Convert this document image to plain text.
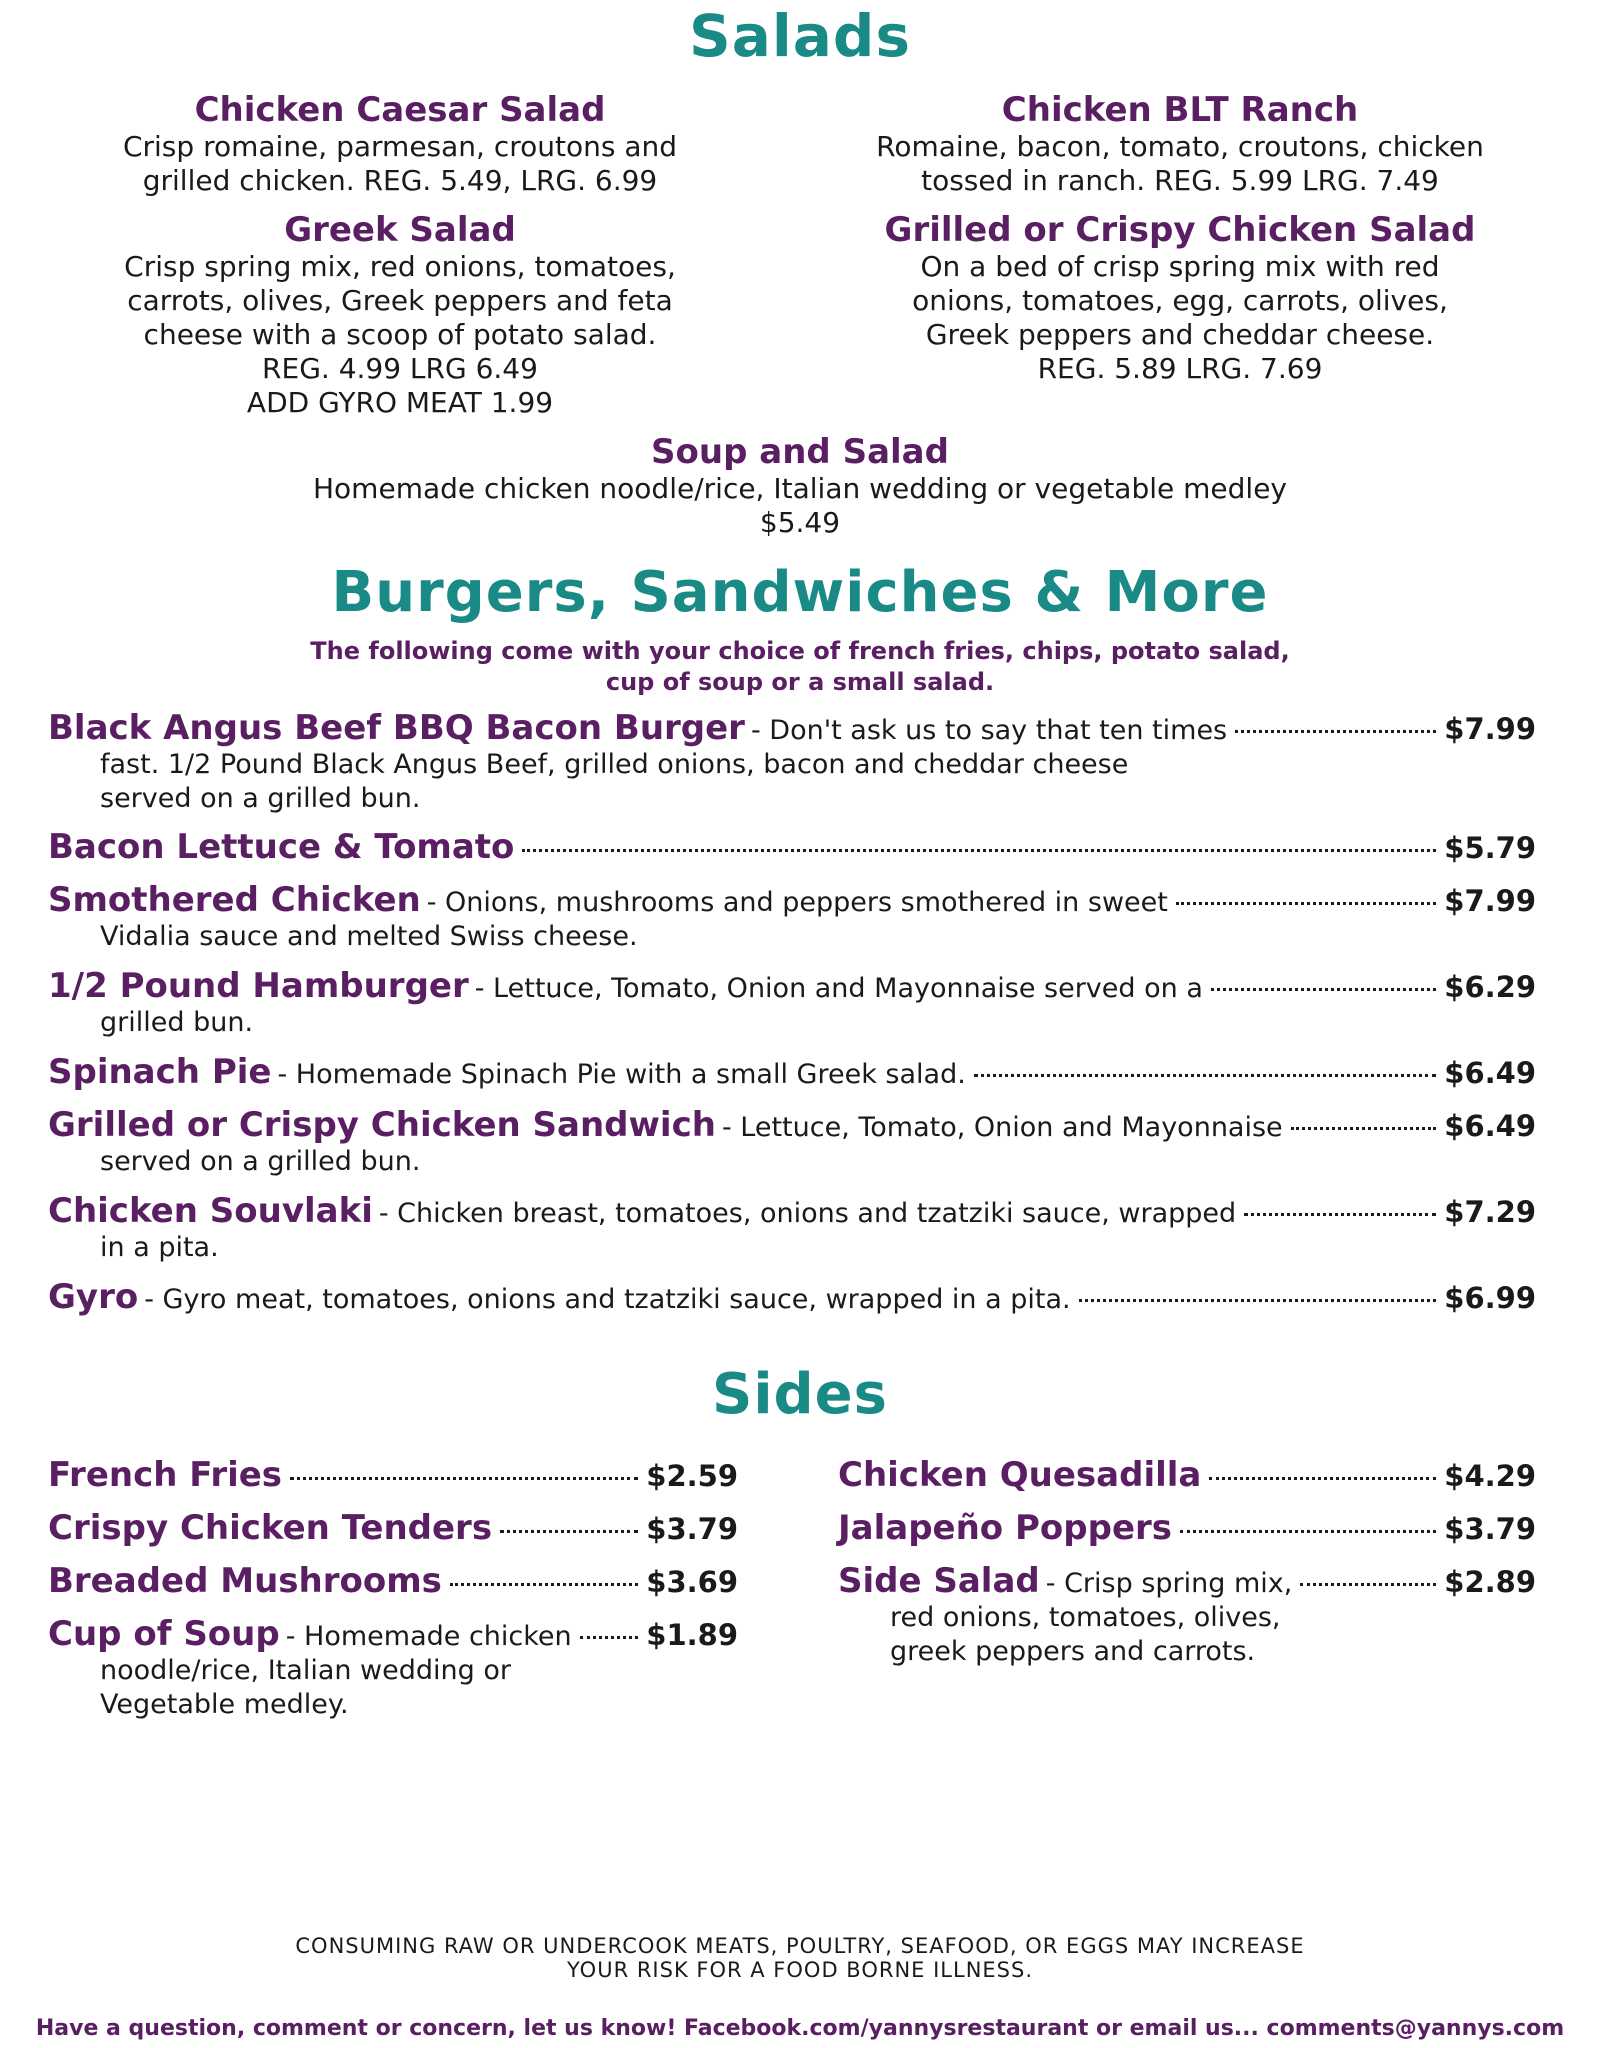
Salads
Chicken Caesar Salad
Crisp romaine, parmesan, croutons and
grilled chicken. REG. 5.49, LRG. 6.99
Chicken BLT Ranch
Romaine, bacon, tomato, croutons, chicken
tossed in ranch. REG. 5.99 LRG. 7.49
Greek Salad
Crisp spring mix, red onions, tomatoes,
carrots, olives, Greek peppers and feta
cheese with a scoop of potato salad.
REG. 4.99 LRG 6.49
ADD GYRO MEAT 1.99
Grilled or Crispy Chicken Salad
On a bed of crisp spring mix with red
onions, tomatoes, egg, carrots, olives,
Greek peppers and cheddar cheese.
REG. 5.89 LRG. 7.69
Soup and Salad
Homemade chicken noodle/rice, Italian wedding or vegetable medley
$5.49
Burgers, Sandwiches & More
The following come with your choice of french fries, chips, potato salad,
cup of soup or a small salad.
Black Angus Beef BBQ Bacon Burger - Don't ask us to say that ten times	$7.99
fast. 1/2 Pound Black Angus Beef, grilled onions, bacon and cheddar cheese
served on a grilled bun.
Bacon Lettuce & Tomato	$5.79
Smothered Chicken - Onions, mushrooms and peppers smothered in sweet	$7.99
Vidalia sauce and melted Swiss cheese.
1/2 Pound Hamburger - Lettuce, Tomato, Onion and Mayonnaise served on a	$6.29
grilled bun.
Spinach Pie - Homemade Spinach Pie with a small Greek salad.	$6.49
Grilled or Crispy Chicken Sandwich - Lettuce, Tomato, Onion and Mayonnaise	$6.49
served on a grilled bun.
Chicken Souvlaki - Chicken breast, tomatoes, onions and tzatziki sauce, wrapped	$7.29
in a pita.
Gyro - Gyro meat, tomatoes, onions and tzatziki sauce, wrapped in a pita.	$6.99
Sides
French Fries	$2.59
Crispy Chicken Tenders	$3.79
Breaded Mushrooms	$3.69
Cup of Soup - Homemade chicken	$1.89
noodle/rice, Italian wedding or
Vegetable medley.
Chicken Quesadilla	$4.29
Jalapeño Poppers	$3.79
Side Salad - Crisp spring mix,	$2.89
red onions, tomatoes, olives,
greek peppers and carrots.
CONSUMING RAW OR UNDERCOOK MEATS, POULTRY, SEAFOOD, OR EGGS MAY INCREASE
YOUR RISK FOR A FOOD BORNE ILLNESS.
Have a question, comment or concern, let us know! Facebook.com/yannysrestaurant or email us... comments@yannys.com
